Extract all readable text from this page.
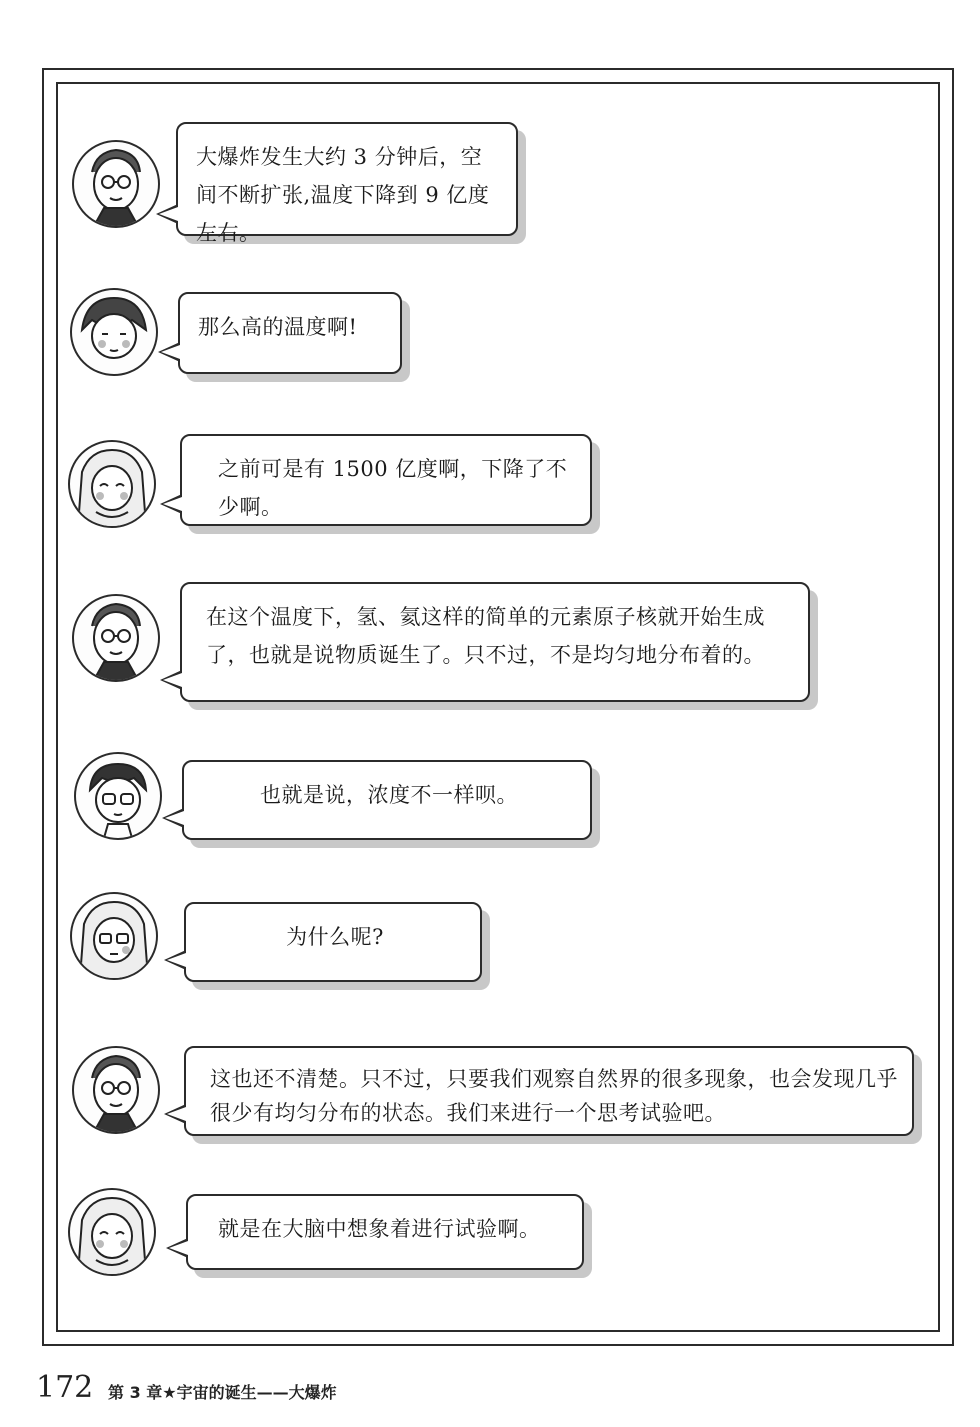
大爆炸发生大约 3 分钟后，空间不断扩张,温度下降到 9 亿度左右。
那么高的温度啊!
之前可是有 1500 亿度啊，下降了不少啊。
在这个温度下，氢、氦这样的简单的元素原子核就开始生成了，也就是说物质诞生了。只不过，不是均匀地分布着的。
也就是说，浓度不一样呗。
为什么呢?
这也还不清楚。只不过，只要我们观察自然界的很多现象，也会发现几乎很少有均匀分布的状态。我们来进行一个思考试验吧。
就是在大脑中想象着进行试验啊。
172 第 3 章★宇宙的诞生——大爆炸
